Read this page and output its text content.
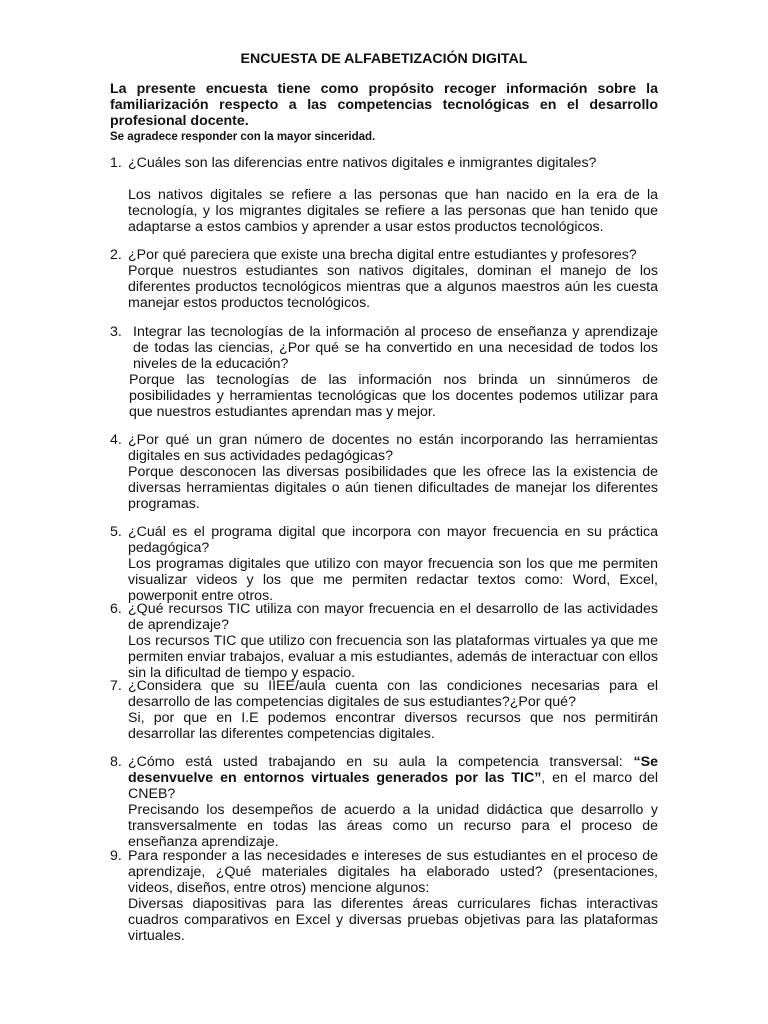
ENCUESTA DE ALFABETIZACIÓN DIGITAL

La presente encuesta tiene como propósito recoger información sobre la familiarización respecto a las competencias tecnológicas en el desarrollo profesional docente.

Se agradece responder con la mayor sinceridad.
1. ¿Cuáles son las diferencias entre nativos digitales e inmigrantes digitales?

Los nativos digitales se refiere a las personas que han nacido en la era de la tecnología, y los migrantes digitales se refiere a las personas que han tenido que adaptarse a estos cambios y aprender a usar estos productos tecnológicos.

2. ¿Por qué pareciera que existe una brecha digital entre estudiantes y profesores?

Porque nuestros estudiantes son nativos digitales, dominan el manejo de los diferentes productos tecnológicos mientras que a algunos maestros aún les cuesta manejar estos productos tecnológicos.

3. Integrar las tecnologías de la información al proceso de enseñanza y aprendizaje de todas las ciencias, ¿Por qué se ha convertido en una necesidad de todos los niveles de la educación?

Porque las tecnologías de las información nos brinda un sinnúmeros de posibilidades y herramientas tecnológicas que los docentes podemos utilizar para que nuestros estudiantes aprendan mas y mejor.

4. ¿Por qué un gran número de docentes no están incorporando las herramientas digitales en sus actividades pedagógicas?

Porque desconocen las diversas posibilidades que les ofrece las la existencia de diversas herramientas digitales o aún tienen dificultades de manejar los diferentes programas.

5. ¿Cuál es el programa digital que incorpora con mayor frecuencia en su práctica pedagógica?

Los programas digitales que utilizo con mayor frecuencia son los que me permiten visualizar videos y los que me permiten redactar textos como: Word, Excel, powerponit entre otros.

6. ¿Qué recursos TIC utiliza con mayor frecuencia en el desarrollo de las actividades de aprendizaje?

Los recursos TIC que utilizo con frecuencia son las plataformas virtuales ya que me permiten enviar trabajos, evaluar a mis estudiantes, además de interactuar con ellos sin la dificultad de tiempo y espacio.

7. ¿Considera que su IIEE/aula cuenta con las condiciones necesarias para el desarrollo de las competencias digitales de sus estudiantes?¿Por qué?

Si, por que en I.E podemos encontrar diversos recursos que nos permitirán desarrollar las diferentes competencias digitales.

8. ¿Cómo está usted trabajando en su aula la competencia transversal: “Se desenvuelve en entornos virtuales generados por las TIC”, en el marco del CNEB?

Precisando los desempeños de acuerdo a la unidad didáctica que desarrollo y transversalmente en todas las áreas como un recurso para el proceso de enseñanza aprendizaje.

9. Para responder a las necesidades e intereses de sus estudiantes en el proceso de aprendizaje, ¿Qué materiales digitales ha elaborado usted? (presentaciones, videos, diseños, entre otros) mencione algunos:

Diversas diapositivas para las diferentes áreas curriculares fichas interactivas cuadros comparativos en Excel y diversas pruebas objetivas para las plataformas virtuales.
